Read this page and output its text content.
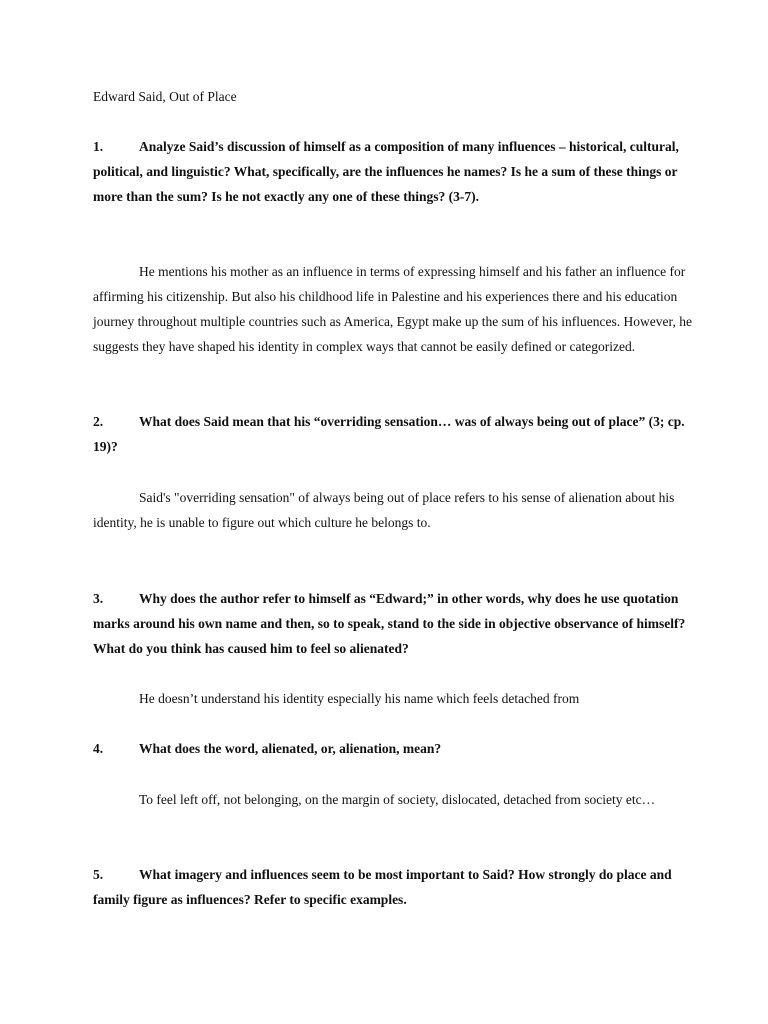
Edward Said, Out of Place

1.	Analyze Said’s discussion of himself as a composition of many influences – historical, cultural, political, and linguistic? What, specifically, are the influences he names? Is he a sum of these things or more than the sum? Is he not exactly any one of these things? (3-7).

He mentions his mother as an influence in terms of expressing himself and his father an influence for affirming his citizenship. But also his childhood life in Palestine and his experiences there and his education journey throughout multiple countries such as America, Egypt make up the sum of his influences. However, he suggests they have shaped his identity in complex ways that cannot be easily defined or categorized.

2.	What does Said mean that his “overriding sensation… was of always being out of place” (3; cp. 19)?

Said's "overriding sensation" of always being out of place refers to his sense of alienation about his identity, he is unable to figure out which culture he belongs to.

3.	Why does the author refer to himself as “Edward;” in other words, why does he use quotation marks around his own name and then, so to speak, stand to the side in objective observance of himself? What do you think has caused him to feel so alienated?

He doesn’t understand his identity especially his name which feels detached from

4.	What does the word, alienated, or, alienation, mean?

To feel left off, not belonging, on the margin of society, dislocated, detached from society etc…

5.	What imagery and influences seem to be most important to Said? How strongly do place and family figure as influences? Refer to specific examples.
